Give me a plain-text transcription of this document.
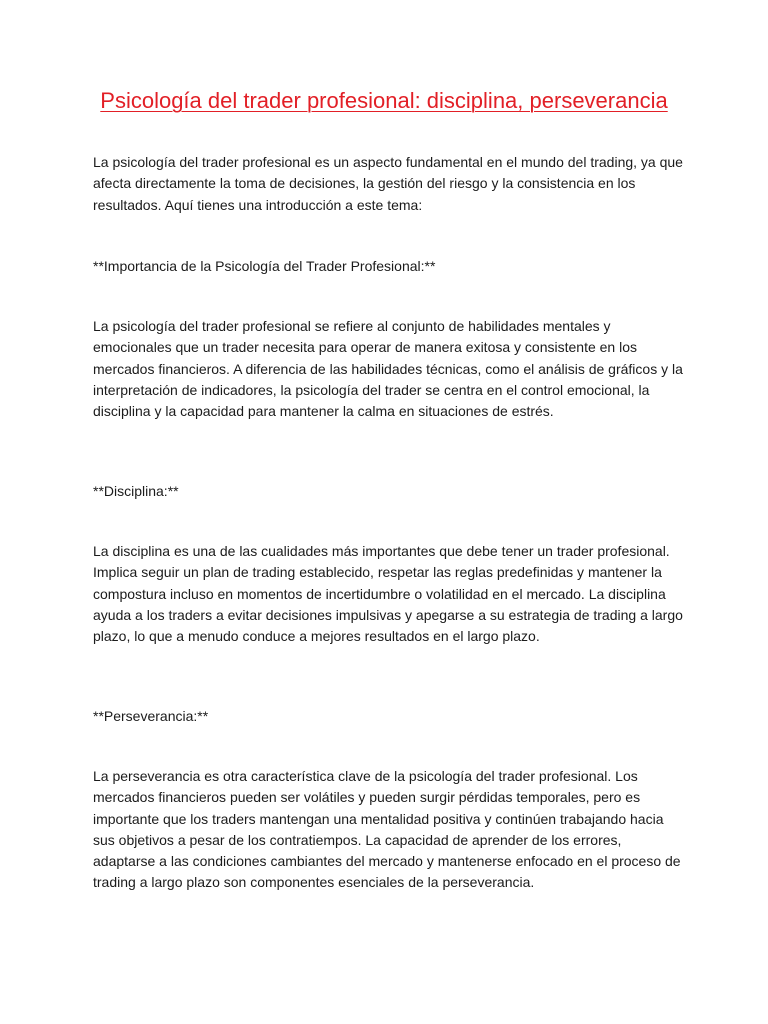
Psicología del trader profesional: disciplina, perseverancia

La psicología del trader profesional es un aspecto fundamental en el mundo del trading, ya que afecta directamente la toma de decisiones, la gestión del riesgo y la consistencia en los resultados. Aquí tienes una introducción a este tema:

**Importancia de la Psicología del Trader Profesional:**

La psicología del trader profesional se refiere al conjunto de habilidades mentales y emocionales que un trader necesita para operar de manera exitosa y consistente en los mercados financieros. A diferencia de las habilidades técnicas, como el análisis de gráficos y la interpretación de indicadores, la psicología del trader se centra en el control emocional, la disciplina y la capacidad para mantener la calma en situaciones de estrés.

**Disciplina:**

La disciplina es una de las cualidades más importantes que debe tener un trader profesional. Implica seguir un plan de trading establecido, respetar las reglas predefinidas y mantener la compostura incluso en momentos de incertidumbre o volatilidad en el mercado. La disciplina ayuda a los traders a evitar decisiones impulsivas y apegarse a su estrategia de trading a largo plazo, lo que a menudo conduce a mejores resultados en el largo plazo.

**Perseverancia:**

La perseverancia es otra característica clave de la psicología del trader profesional. Los mercados financieros pueden ser volátiles y pueden surgir pérdidas temporales, pero es importante que los traders mantengan una mentalidad positiva y continúen trabajando hacia sus objetivos a pesar de los contratiempos. La capacidad de aprender de los errores, adaptarse a las condiciones cambiantes del mercado y mantenerse enfocado en el proceso de trading a largo plazo son componentes esenciales de la perseverancia.
